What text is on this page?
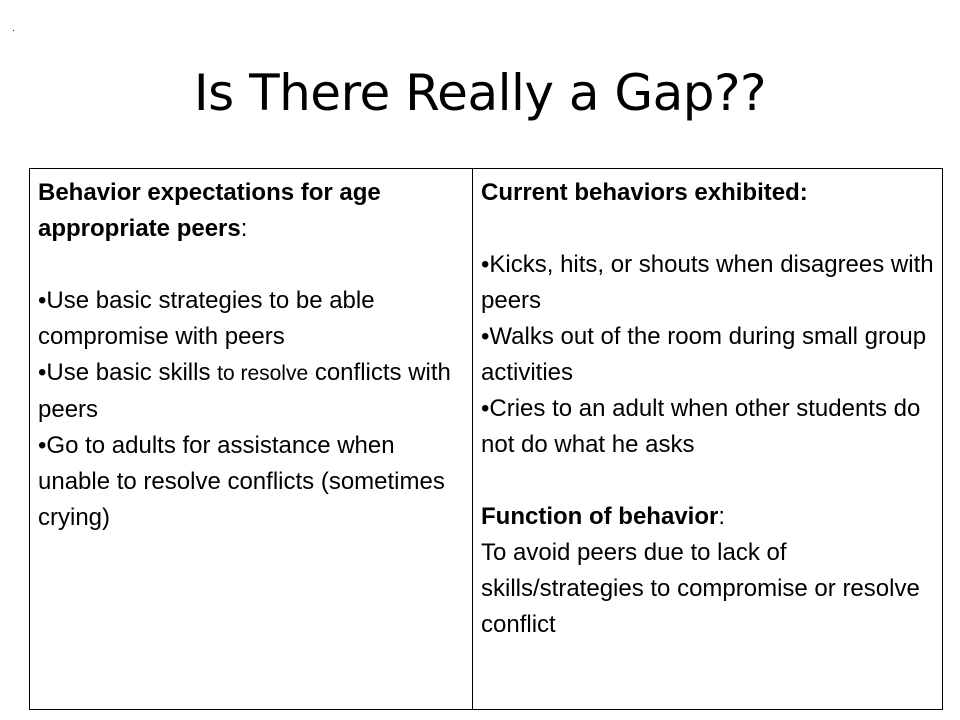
.
Is There Really a Gap??
Behavior expectations for age appropriate peers:

•Use basic strategies to be able compromise with peers

•Use basic skills to resolve conflicts with peers

•Go to adults for assistance when unable to resolve conflicts (sometimes crying)

Current behaviors exhibited:

•Kicks, hits, or shouts when disagrees with peers

•Walks out of the room during small group activities

•Cries to an adult when other students do not do what he asks

Function of behavior:

To avoid peers due to lack of skills/strategies to compromise or resolve conflict
